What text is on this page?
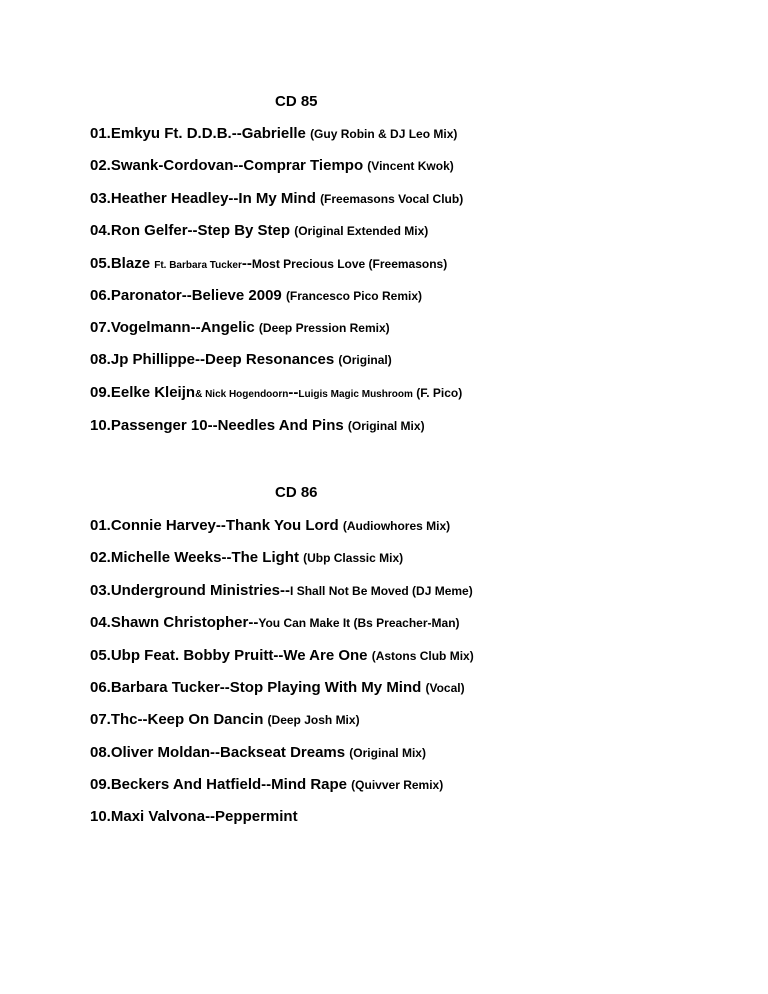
CD 85
01.Emkyu Ft. D.D.B.--Gabrielle (Guy Robin & DJ Leo Mix)
02.Swank-Cordovan--Comprar Tiempo (Vincent Kwok)
03.Heather Headley--In My Mind (Freemasons Vocal Club)
04.Ron Gelfer--Step By Step (Original Extended Mix)
05.Blaze Ft. Barbara Tucker--Most Precious Love (Freemasons)
06.Paronator--Believe 2009 (Francesco Pico Remix)
07.Vogelmann--Angelic (Deep Pression Remix)
08.Jp Phillippe--Deep Resonances (Original)
09.Eelke Kleijn& Nick Hogendoorn--Luigis Magic Mushroom (F. Pico)
10.Passenger 10--Needles And Pins (Original Mix)
CD 86
01.Connie Harvey--Thank You Lord (Audiowhores Mix)
02.Michelle Weeks--The Light (Ubp Classic Mix)
03.Underground Ministries--I Shall Not Be Moved (DJ Meme)
04.Shawn Christopher--You Can Make It (Bs Preacher-Man)
05.Ubp Feat. Bobby Pruitt--We Are One (Astons Club Mix)
06.Barbara Tucker--Stop Playing With My Mind (Vocal)
07.Thc--Keep On Dancin (Deep Josh Mix)
08.Oliver Moldan--Backseat Dreams (Original Mix)
09.Beckers And Hatfield--Mind Rape (Quivver Remix)
10.Maxi Valvona--Peppermint
